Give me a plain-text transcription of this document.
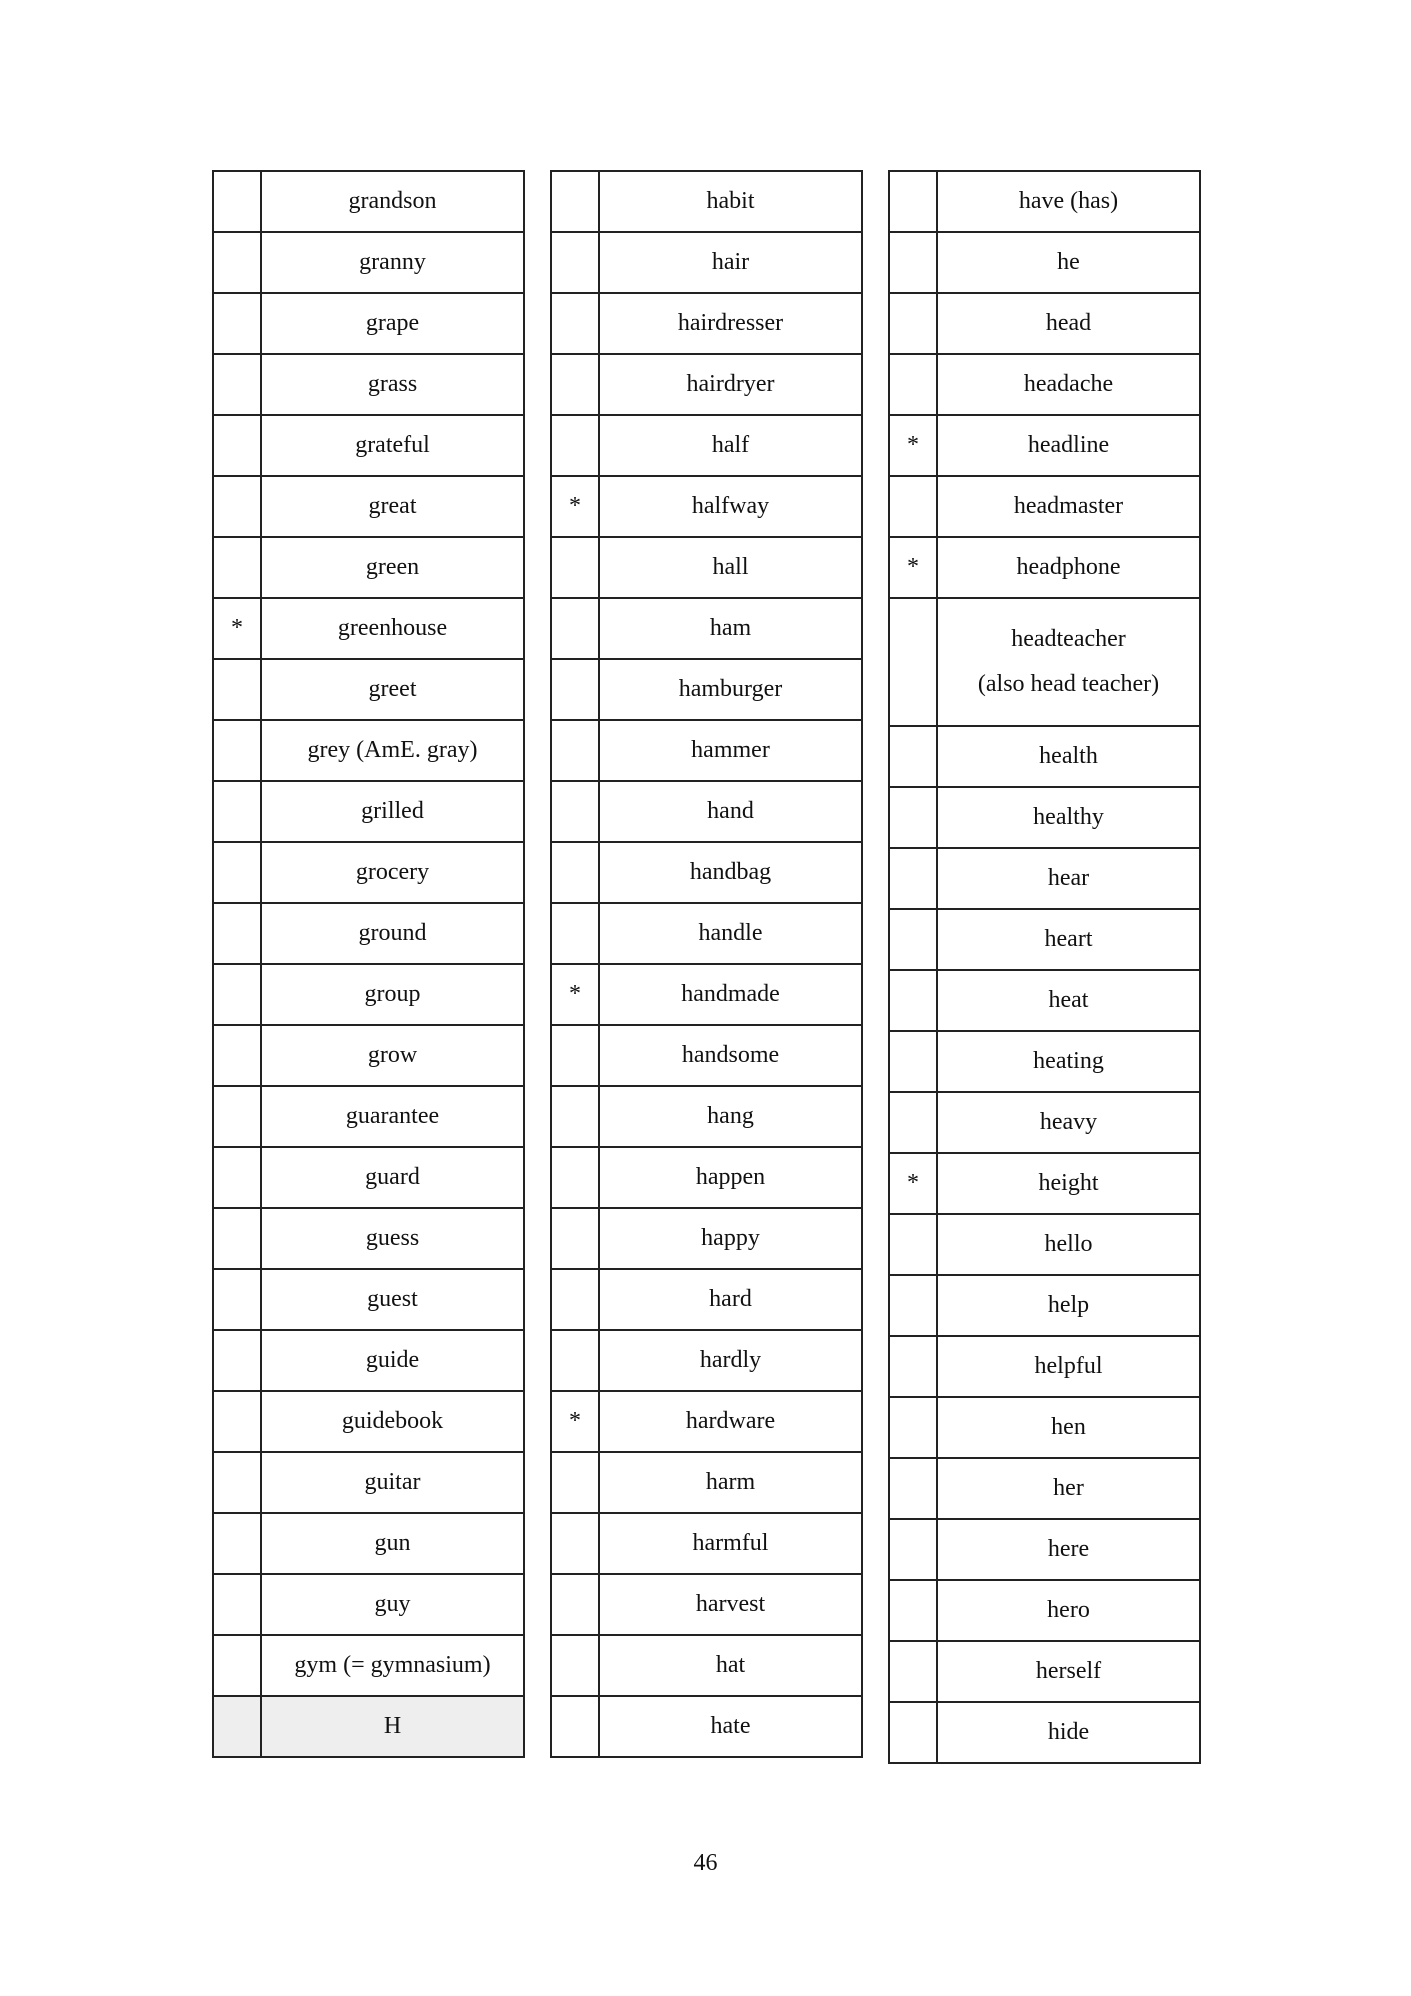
	grandson
	granny
	grape
	grass
	grateful
	great
	green
*	greenhouse
	greet
	grey (AmE. gray)
	grilled
	grocery
	ground
	group
	grow
	guarantee
	guard
	guess
	guest
	guide
	guidebook
	guitar
	gun
	guy
	gym (= gymnasium)
	H
	habit
	hair
	hairdresser
	hairdryer
	half
*	halfway
	hall
	ham
	hamburger
	hammer
	hand
	handbag
	handle
*	handmade
	handsome
	hang
	happen
	happy
	hard
	hardly
*	hardware
	harm
	harmful
	harvest
	hat
	hate
	have (has)
	he
	head
	headache
*	headline
	headmaster
*	headphone

	headteacher
(also head teacher)

	health
	healthy
	hear
	heart
	heat
	heating
	heavy
*	height
	hello
	help
	helpful
	hen
	her
	here
	hero
	herself
	hide
46
